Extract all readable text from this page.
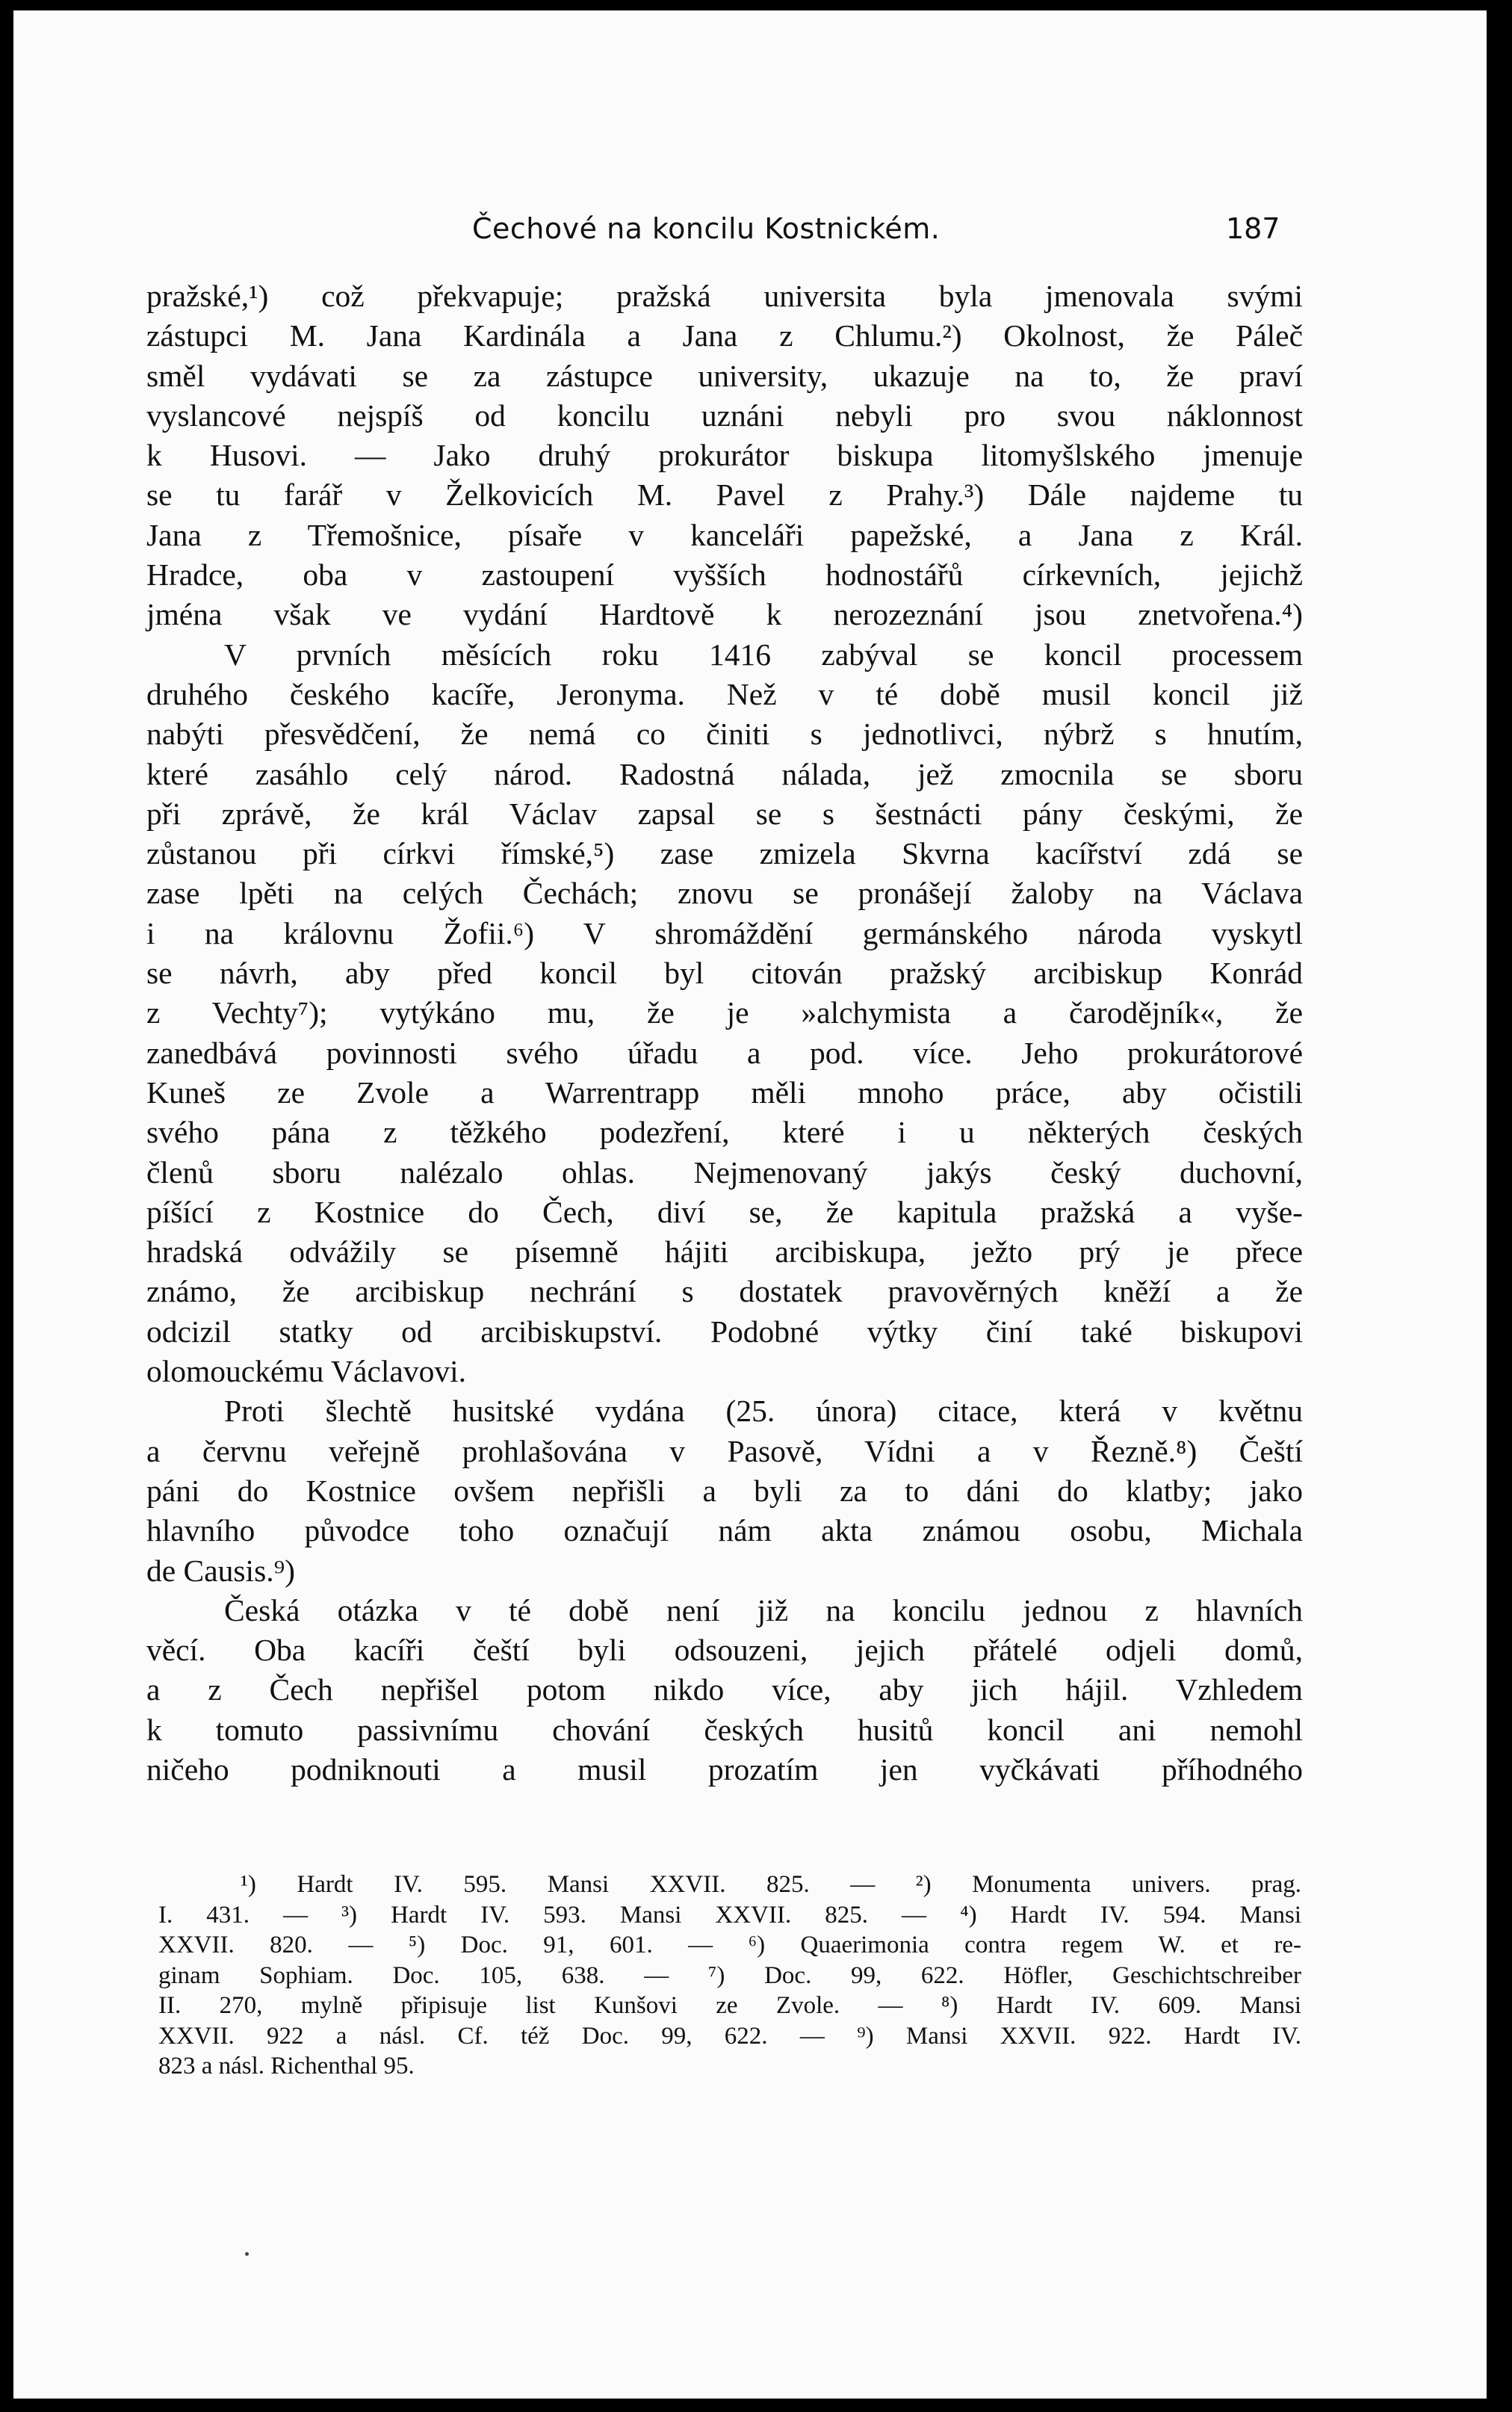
Čechové na koncilu Kostnickém.	187
pražské,¹) což překvapuje; pražská universita byla jmenovala svými
zástupci M. Jana Kardinála a Jana z Chlumu.²) Okolnost, že Páleč
směl vydávati se za zástupce university, ukazuje na to, že praví
vyslancové nejspíš od koncilu uznáni nebyli pro svou náklonnost
k Husovi. — Jako druhý prokurátor biskupa litomyšlského jmenuje
se tu farář v Želkovicích M. Pavel z Prahy.³) Dále najdeme tu
Jana z Třemošnice, písaře v kanceláři papežské, a Jana z Král.
Hradce, oba v zastoupení vyšších hodnostářů církevních, jejichž
jména však ve vydání Hardtově k nerozeznání jsou znetvořena.⁴)
V prvních měsících roku 1416 zabýval se koncil processem
druhého českého kacíře, Jeronyma. Než v té době musil koncil již
nabýti přesvědčení, že nemá co činiti s jednotlivci, nýbrž s hnutím,
které zasáhlo celý národ. Radostná nálada, jež zmocnila se sboru
při zprávě, že král Václav zapsal se s šestnácti pány českými, že
zůstanou při církvi římské,⁵) zase zmizela Skvrna kacířství zdá se
zase lpěti na celých Čechách; znovu se pronášejí žaloby na Václava
i na královnu Žofii.⁶) V shromáždění germánského národa vyskytl
se návrh, aby před koncil byl citován pražský arcibiskup Konrád
z Vechty⁷); vytýkáno mu, že je »alchymista a čarodějník«, že
zanedbává povinnosti svého úřadu a pod. více. Jeho prokurátorové
Kuneš ze Zvole a Warrentrapp měli mnoho práce, aby očistili
svého pána z těžkého podezření, které i u některých českých
členů sboru nalézalo ohlas. Nejmenovaný jakýs český duchovní,
píšící z Kostnice do Čech, diví se, že kapitula pražská a vyše-
hradská odvážily se písemně hájiti arcibiskupa, ježto prý je přece
známo, že arcibiskup nechrání s dostatek pravověrných kněží a že
odcizil statky od arcibiskupství. Podobné výtky činí také biskupovi
olomouckému Václavovi.
Proti šlechtě husitské vydána (25. února) citace, která v květnu
a červnu veřejně prohlašována v Pasově, Vídni a v Řezně.⁸) Čeští
páni do Kostnice ovšem nepřišli a byli za to dáni do klatby; jako
hlavního původce toho označují nám akta známou osobu, Michala
de Causis.⁹)
Česká otázka v té době není již na koncilu jednou z hlavních
věcí. Oba kacíři čeští byli odsouzeni, jejich přátelé odjeli domů,
a z Čech nepřišel potom nikdo více, aby jich hájil. Vzhledem
k tomuto passivnímu chování českých husitů koncil ani nemohl
ničeho podniknouti a musil prozatím jen vyčkávati příhodného
¹) Hardt IV. 595. Mansi XXVII. 825. — ²) Monumenta univers. prag.
I. 431. — ³) Hardt IV. 593. Mansi XXVII. 825. — ⁴) Hardt IV. 594. Mansi
XXVII. 820. — ⁵) Doc. 91, 601. — ⁶) Quaerimonia contra regem W. et re-
ginam Sophiam. Doc. 105, 638. — ⁷) Doc. 99, 622. Höfler, Geschichtschreiber
II. 270, mylně připisuje list Kunšovi ze Zvole. — ⁸) Hardt IV. 609. Mansi
XXVII. 922 a násl. Cf. též Doc. 99, 622. — ⁹) Mansi XXVII. 922. Hardt IV.
823 a násl. Richenthal 95.
